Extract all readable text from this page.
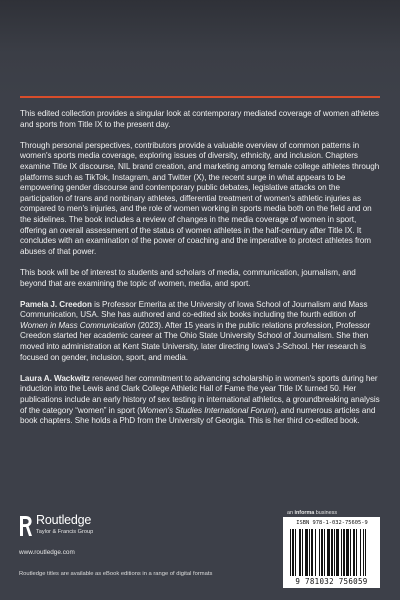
This edited collection provides a singular look at contemporary mediated coverage of women athletes and sports from Title IX to the present day.

Through personal perspectives, contributors provide a valuable overview of common patterns in women's sports media coverage, exploring issues of diversity, ethnicity, and inclusion. Chapters examine Title IX discourse, NIL brand creation, and marketing among female college athletes through platforms such as TikTok, Instagram, and Twitter (X), the recent surge in what appears to be empowering gender discourse and contemporary public debates, legislative attacks on the participation of trans and nonbinary athletes, differential treatment of women's athletic injuries as compared to men's injuries, and the role of women working in sports media both on the field and on the sidelines. The book includes a review of changes in the media coverage of women in sport, offering an overall assessment of the status of women athletes in the half-century after Title IX. It concludes with an examination of the power of coaching and the imperative to protect athletes from abuses of that power.

This book will be of interest to students and scholars of media, communication, journalism, and beyond that are examining the topic of women, media, and sport.

Pamela J. Creedon is Professor Emerita at the University of Iowa School of Journalism and Mass Communication, USA. She has authored and co-edited six books including the fourth edition of Women in Mass Communication (2023). After 15 years in the public relations profession, Professor Creedon started her academic career at The Ohio State University School of Journalism. She then moved into administration at Kent State University, later directing Iowa's J-School. Her research is focused on gender, inclusion, sport, and media.

Laura A. Wackwitz renewed her commitment to advancing scholarship in women's sports during her induction into the Lewis and Clark College Athletic Hall of Fame the year Title IX turned 50. Her publications include an early history of sex testing in international athletics, a groundbreaking analysis of the category “women” in sport (Women's Studies International Forum), and numerous articles and book chapters. She holds a PhD from the University of Georgia. This is her third co-edited book.

Routledge
Taylor & Francis Group
www.routledge.com
Routledge titles are available as eBook editions in a range of digital formats
an informa business
ISBN 978-1-032-75605-9
9 781032 756059
